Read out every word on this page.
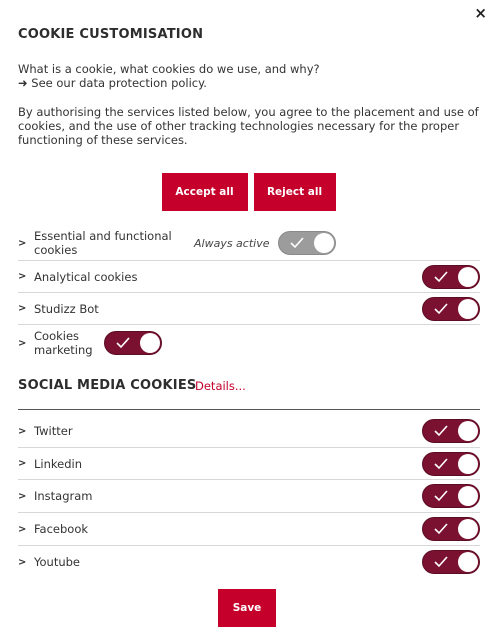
×
COOKIE CUSTOMISATION

What is a cookie, what cookies do we use, and why?

➜ See our data protection policy.

By authorising the services listed below, you agree to the placement and use of cookies, and the use of other tracking technologies necessary for the proper functioning of these services.

Accept all	Reject all
> Essential and functional cookies	Always active
> Analytical cookies
> Studizz Bot
> Cookies marketing
SOCIAL MEDIA COOKIES
Details...
> Twitter
> Linkedin
> Instagram
> Facebook
> Youtube
Save
